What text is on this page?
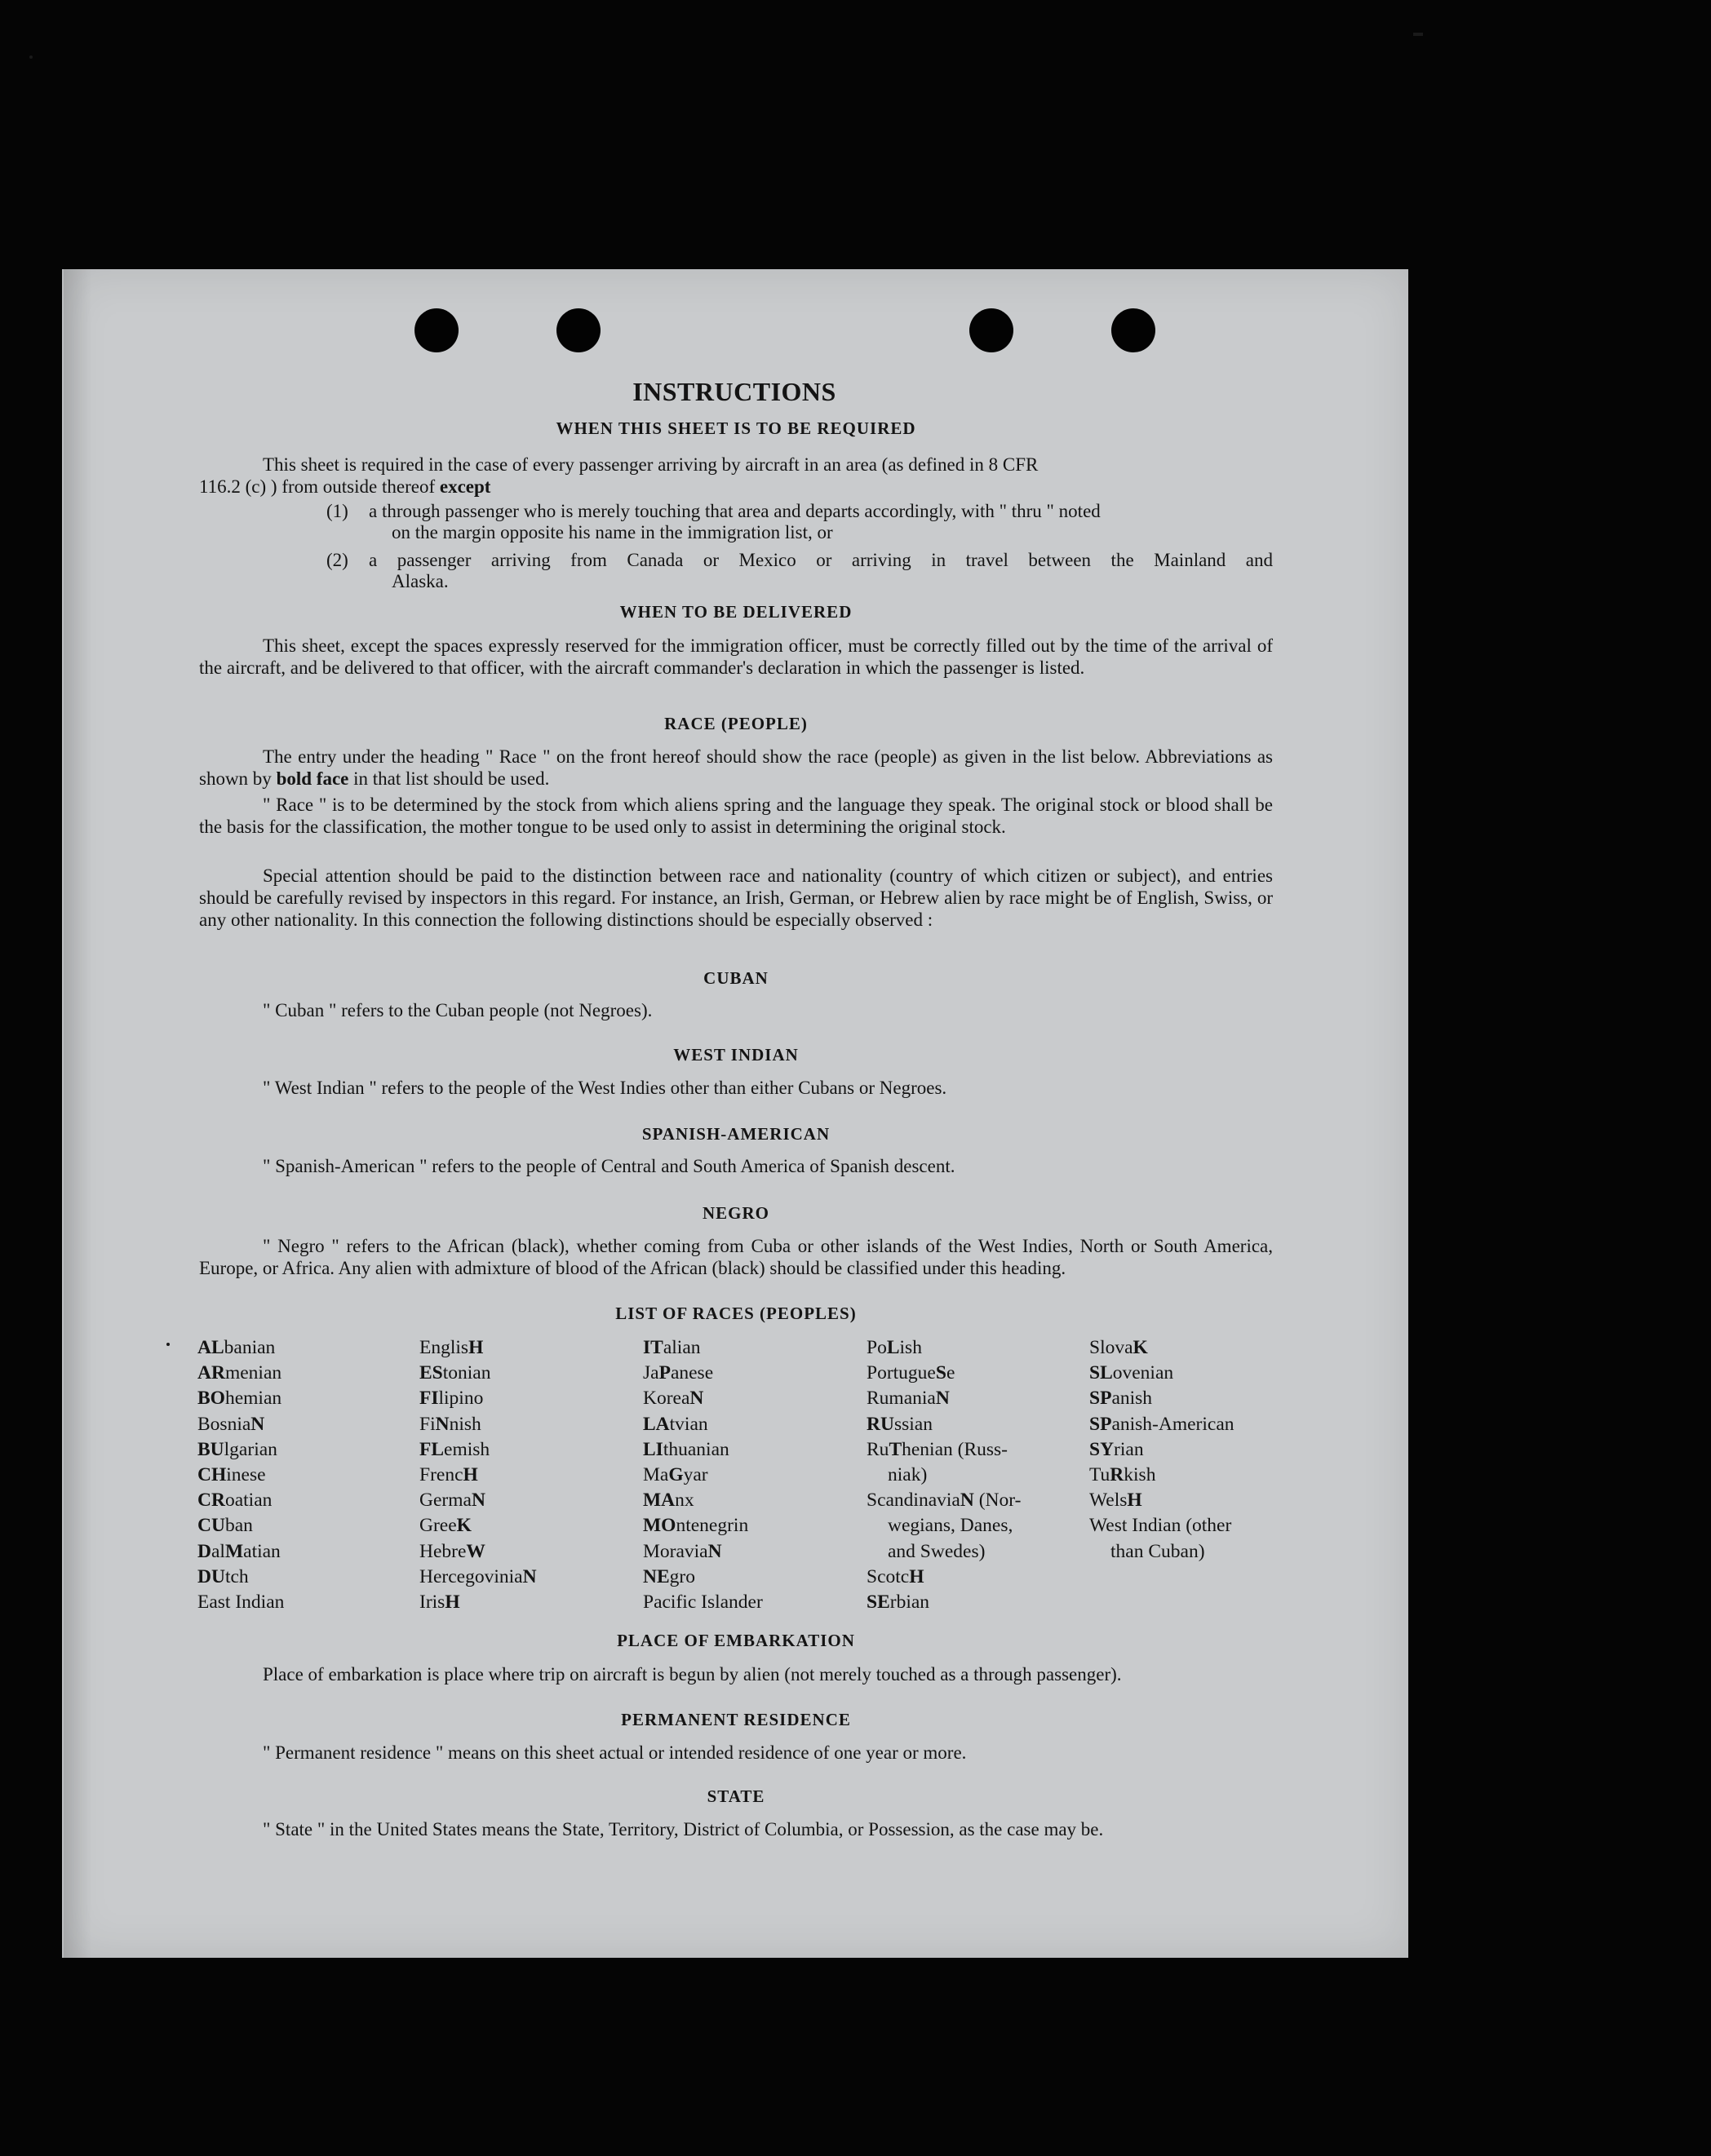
INSTRUCTIONS
WHEN THIS SHEET IS TO BE REQUIRED
This sheet is required in the case of every passenger arriving by aircraft in an area (as defined in 8 CFR
116.2 (c) ) from outside thereof except
(1) a through passenger who is merely touching that area and departs accordingly, with " thru " noted
on the margin opposite his name in the immigration list, or
(2) a passenger arriving from Canada or Mexico or arriving in travel between the Mainland and
Alaska.
WHEN TO BE DELIVERED
This sheet, except the spaces expressly reserved for the immigration officer, must be correctly filled out by the time of the arrival of the aircraft, and be delivered to that officer, with the aircraft commander's declaration in which the passenger is listed.
RACE (PEOPLE)
The entry under the heading " Race " on the front hereof should show the race (people) as given in the list below. Abbreviations as shown by bold face in that list should be used.
" Race " is to be determined by the stock from which aliens spring and the language they speak. The original stock or blood shall be the basis for the classification, the mother tongue to be used only to assist in determining the original stock.
Special attention should be paid to the distinction between race and nationality (country of which citizen or subject), and entries should be carefully revised by inspectors in this regard. For instance, an Irish, German, or Hebrew alien by race might be of English, Swiss, or any other nationality. In this connection the following distinctions should be especially observed :
CUBAN
" Cuban " refers to the Cuban people (not Negroes).
WEST INDIAN
" West Indian " refers to the people of the West Indies other than either Cubans or Negroes.
SPANISH-AMERICAN
" Spanish-American " refers to the people of Central and South America of Spanish descent.
NEGRO
" Negro " refers to the African (black), whether coming from Cuba or other islands of the West Indies, North or South America, Europe, or Africa. Any alien with admixture of blood of the African (black) should be classified under this heading.
LIST OF RACES (PEOPLES)
ALbanian
ARmenian
BOhemian
BosniaN
BUlgarian
CHinese
CRoatian
CUban
DalMatian
DUtch
East Indian
EnglisH
EStonian
FIlipino
FiNnish
FLemish
FrencH
GermaN
GreeK
HebreW
HercegoviniaN
IrisH
ITalian
JaPanese
KoreaN
LAtvian
LIthuanian
MaGyar
MAnx
MOntenegrin
MoraviaN
NEgro
Pacific Islander
PoLish
PortugueSe
RumaniaN
RUssian
RuThenian (Russ-
niak)
ScandinaviaN (Nor-
wegians, Danes,
and Swedes)
ScotcH
SErbian
SlovaK
SLovenian
SPanish
SPanish-American
SYrian
TuRkish
WelsH
West Indian (other
than Cuban)
PLACE OF EMBARKATION
Place of embarkation is place where trip on aircraft is begun by alien (not merely touched as a through passenger).
PERMANENT RESIDENCE
" Permanent residence " means on this sheet actual or intended residence of one year or more.
STATE
" State " in the United States means the State, Territory, District of Columbia, or Possession, as the case may be.
